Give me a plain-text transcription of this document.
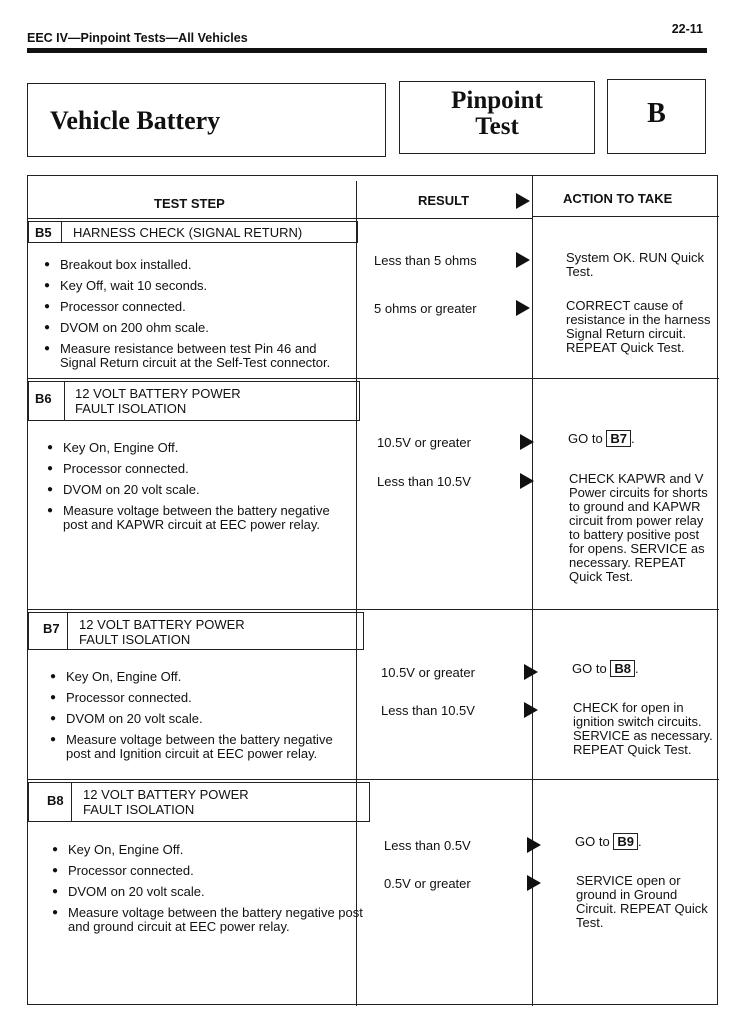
EEC IV—Pinpoint Tests—All Vehicles
22-11
Vehicle Battery
Pinpoint
Test	B
TEST STEP	RESULT	ACTION TO TAKE
B5 HARNESS CHECK (SIGNAL RETURN)
● Breakout box installed.
● Key Off, wait 10 seconds.
● Processor connected.
● DVOM on 200 ohm scale.
● Measure resistance between test Pin 46 and Signal Return circuit at the Self-Test connector.
Less than 5 ohms	System OK. RUN Quick Test.
5 ohms or greater	CORRECT cause of resistance in the harness Signal Return circuit. REPEAT Quick Test.
B6 12 VOLT BATTERY POWER FAULT ISOLATION
● Key On, Engine Off.
● Processor connected.
● DVOM on 20 volt scale.
● Measure voltage between the battery negative post and KAPWR circuit at EEC power relay.
10.5V or greater	GO to B7 .
Less than 10.5V	CHECK KAPWR and V Power circuits for shorts to ground and KAPWR circuit from power relay to battery positive post for opens. SERVICE as necessary. REPEAT Quick Test.
B7 12 VOLT BATTERY POWER FAULT ISOLATION
● Key On, Engine Off.
● Processor connected.
● DVOM on 20 volt scale.
● Measure voltage between the battery negative post and Ignition circuit at EEC power relay.
10.5V or greater	GO to B8 .
Less than 10.5V	CHECK for open in ignition switch circuits. SERVICE as necessary. REPEAT Quick Test.
B8 12 VOLT BATTERY POWER FAULT ISOLATION
● Key On, Engine Off.
● Processor connected.
● DVOM on 20 volt scale.
● Measure voltage between the battery negative post and ground circuit at EEC power relay.
Less than 0.5V	GO to B9 .
0.5V or greater	SERVICE open or ground in Ground Circuit. REPEAT Quick Test.
